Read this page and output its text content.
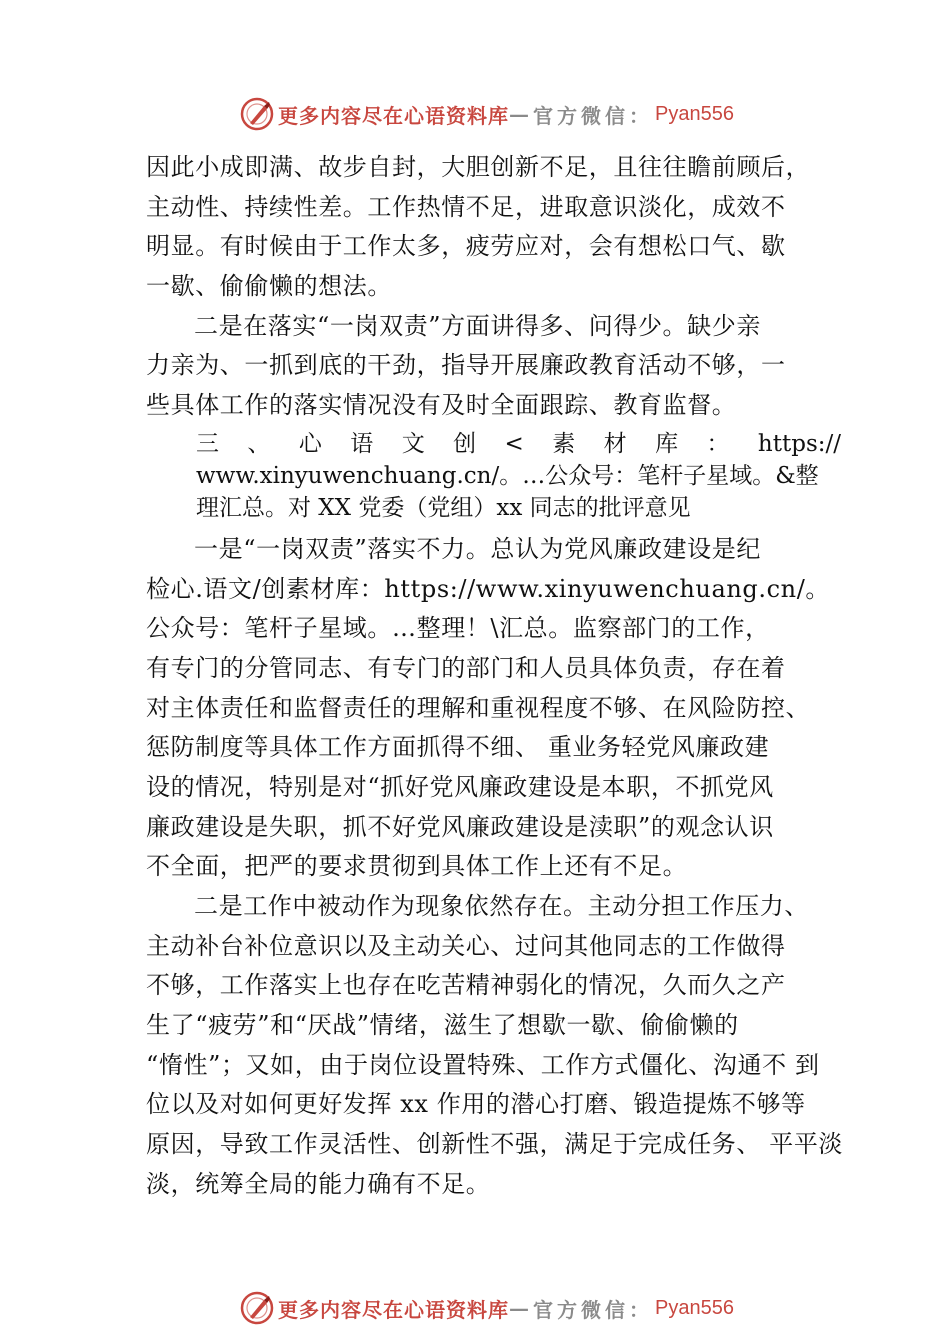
更多内容尽在心语资料库 — 官方微信： Pyan556
因此小成即满、故步自封，大胆创新不足，且往往瞻前顾后，
主动性、持续性差。工作热情不足，进取意识淡化，成效不
明显。有时候由于工作太多，疲劳应对，会有想松口气、歇
一歇、偷偷懒的想法。
二是在落实“一岗双责”方面讲得多、问得少。缺少亲
力亲为、一抓到底的干劲，指导开展廉政教育活动不够，一
些具体工作的落实情况没有及时全面跟踪、教育监督。
三 、 心 语 文 创 < 素 材 库 ： https://
www.xinyuwenchuang.cn/。…公众号：笔杆子星域。&整
理汇总。对 XX 党委（党组）xx 同志的批评意见
一是“一岗双责”落实不力。总认为党风廉政建设是纪
检心.语文/创素材库：https://www.xinyuwenchuang.cn/。
公众号：笔杆子星域。…整理！\汇总。监察部门的工作，
有专门的分管同志、有专门的部门和人员具体负责，存在着
对主体责任和监督责任的理解和重视程度不够、在风险防控、
惩防制度等具体工作方面抓得不细、 重业务轻党风廉政建
设的情况，特别是对“抓好党风廉政建设是本职，不抓党风
廉政建设是失职，抓不好党风廉政建设是渎职”的观念认识
不全面，把严的要求贯彻到具体工作上还有不足。
二是工作中被动作为现象依然存在。主动分担工作压力、
主动补台补位意识以及主动关心、过问其他同志的工作做得
不够，工作落实上也存在吃苦精神弱化的情况，久而久之产
生了“疲劳”和“厌战”情绪，滋生了想歇一歇、偷偷懒的
“惰性”；又如，由于岗位设置特殊、工作方式僵化、沟通不 到
位以及对如何更好发挥 xx 作用的潜心打磨、锻造提炼不够等
原因，导致工作灵活性、创新性不强，满足于完成任务、 平平淡
淡，统筹全局的能力确有不足。
更多内容尽在心语资料库 — 官方微信： Pyan556
